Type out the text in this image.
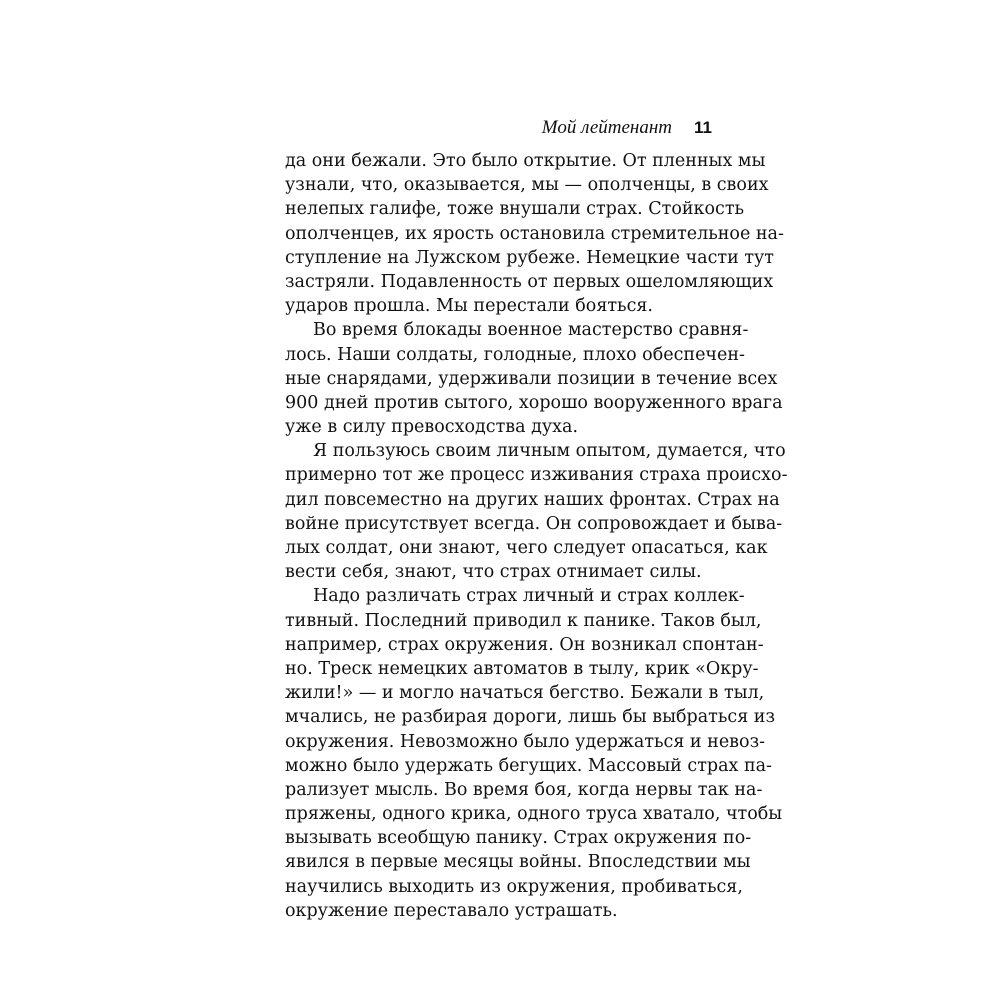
Мой лейтенант 11
да они бежали. Это было открытие. От пленных мы
узнали, что, оказывается, мы — ополченцы, в своих
нелепых галифе, тоже внушали страх. Стойкость
ополченцев, их ярость остановила стремительное на-
ступление на Лужском рубеже. Немецкие части тут
застряли. Подавленность от первых ошеломляющих
ударов прошла. Мы перестали бояться.
Во время блокады военное мастерство сравня-
лось. Наши солдаты, голодные, плохо обеспечен-
ные снарядами, удерживали позиции в течение всех
900 дней против сытого, хорошо вооруженного врага
уже в силу превосходства духа.
Я пользуюсь своим личным опытом, думается, что
примерно тот же процесс изживания страха происхо-
дил повсеместно на других наших фронтах. Страх на
войне присутствует всегда. Он сопровождает и быва-
лых солдат, они знают, чего следует опасаться, как
вести себя, знают, что страх отнимает силы.
Надо различать страх личный и страх коллек-
тивный. Последний приводил к панике. Таков был,
например, страх окружения. Он возникал спонтан-
но. Треск немецких автоматов в тылу, крик «Окру-
жили!» — и могло начаться бегство. Бежали в тыл,
мчались, не разбирая дороги, лишь бы выбраться из
окружения. Невозможно было удержаться и невоз-
можно было удержать бегущих. Массовый страх па-
рализует мысль. Во время боя, когда нервы так на-
пряжены, одного крика, одного труса хватало, чтобы
вызывать всеобщую панику. Страх окружения по-
явился в первые месяцы войны. Впоследствии мы
научились выходить из окружения, пробиваться,
окружение переставало устрашать.
